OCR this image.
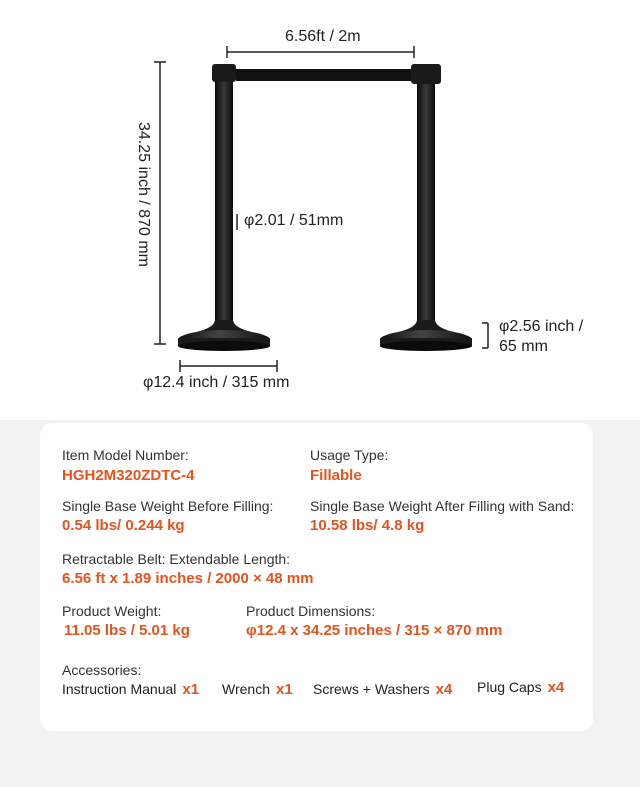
6.56ft / 2m
34.25 inch / 870 mm	φ2.01 / 51mm
φ12.4 inch / 315 mm
φ2.56 inch /
65 mm
Item Model Number:
HGH2M320ZDTC-4
Usage Type:
Fillable
Single Base Weight Before Filling:
0.54 lbs/ 0.244 kg
Single Base Weight After Filling with Sand:
10.58 lbs/ 4.8 kg
Retractable Belt: Extendable Length:
6.56 ft x 1.89 inches / 2000 × 48 mm
Product Weight:
11.05 lbs / 5.01 kg
Product Dimensions:
φ12.4 x 34.25 inches / 315 × 870 mm
Accessories:
Instruction Manual x1 Wrench x1 Screws + Washers x4 Plug Caps x4
